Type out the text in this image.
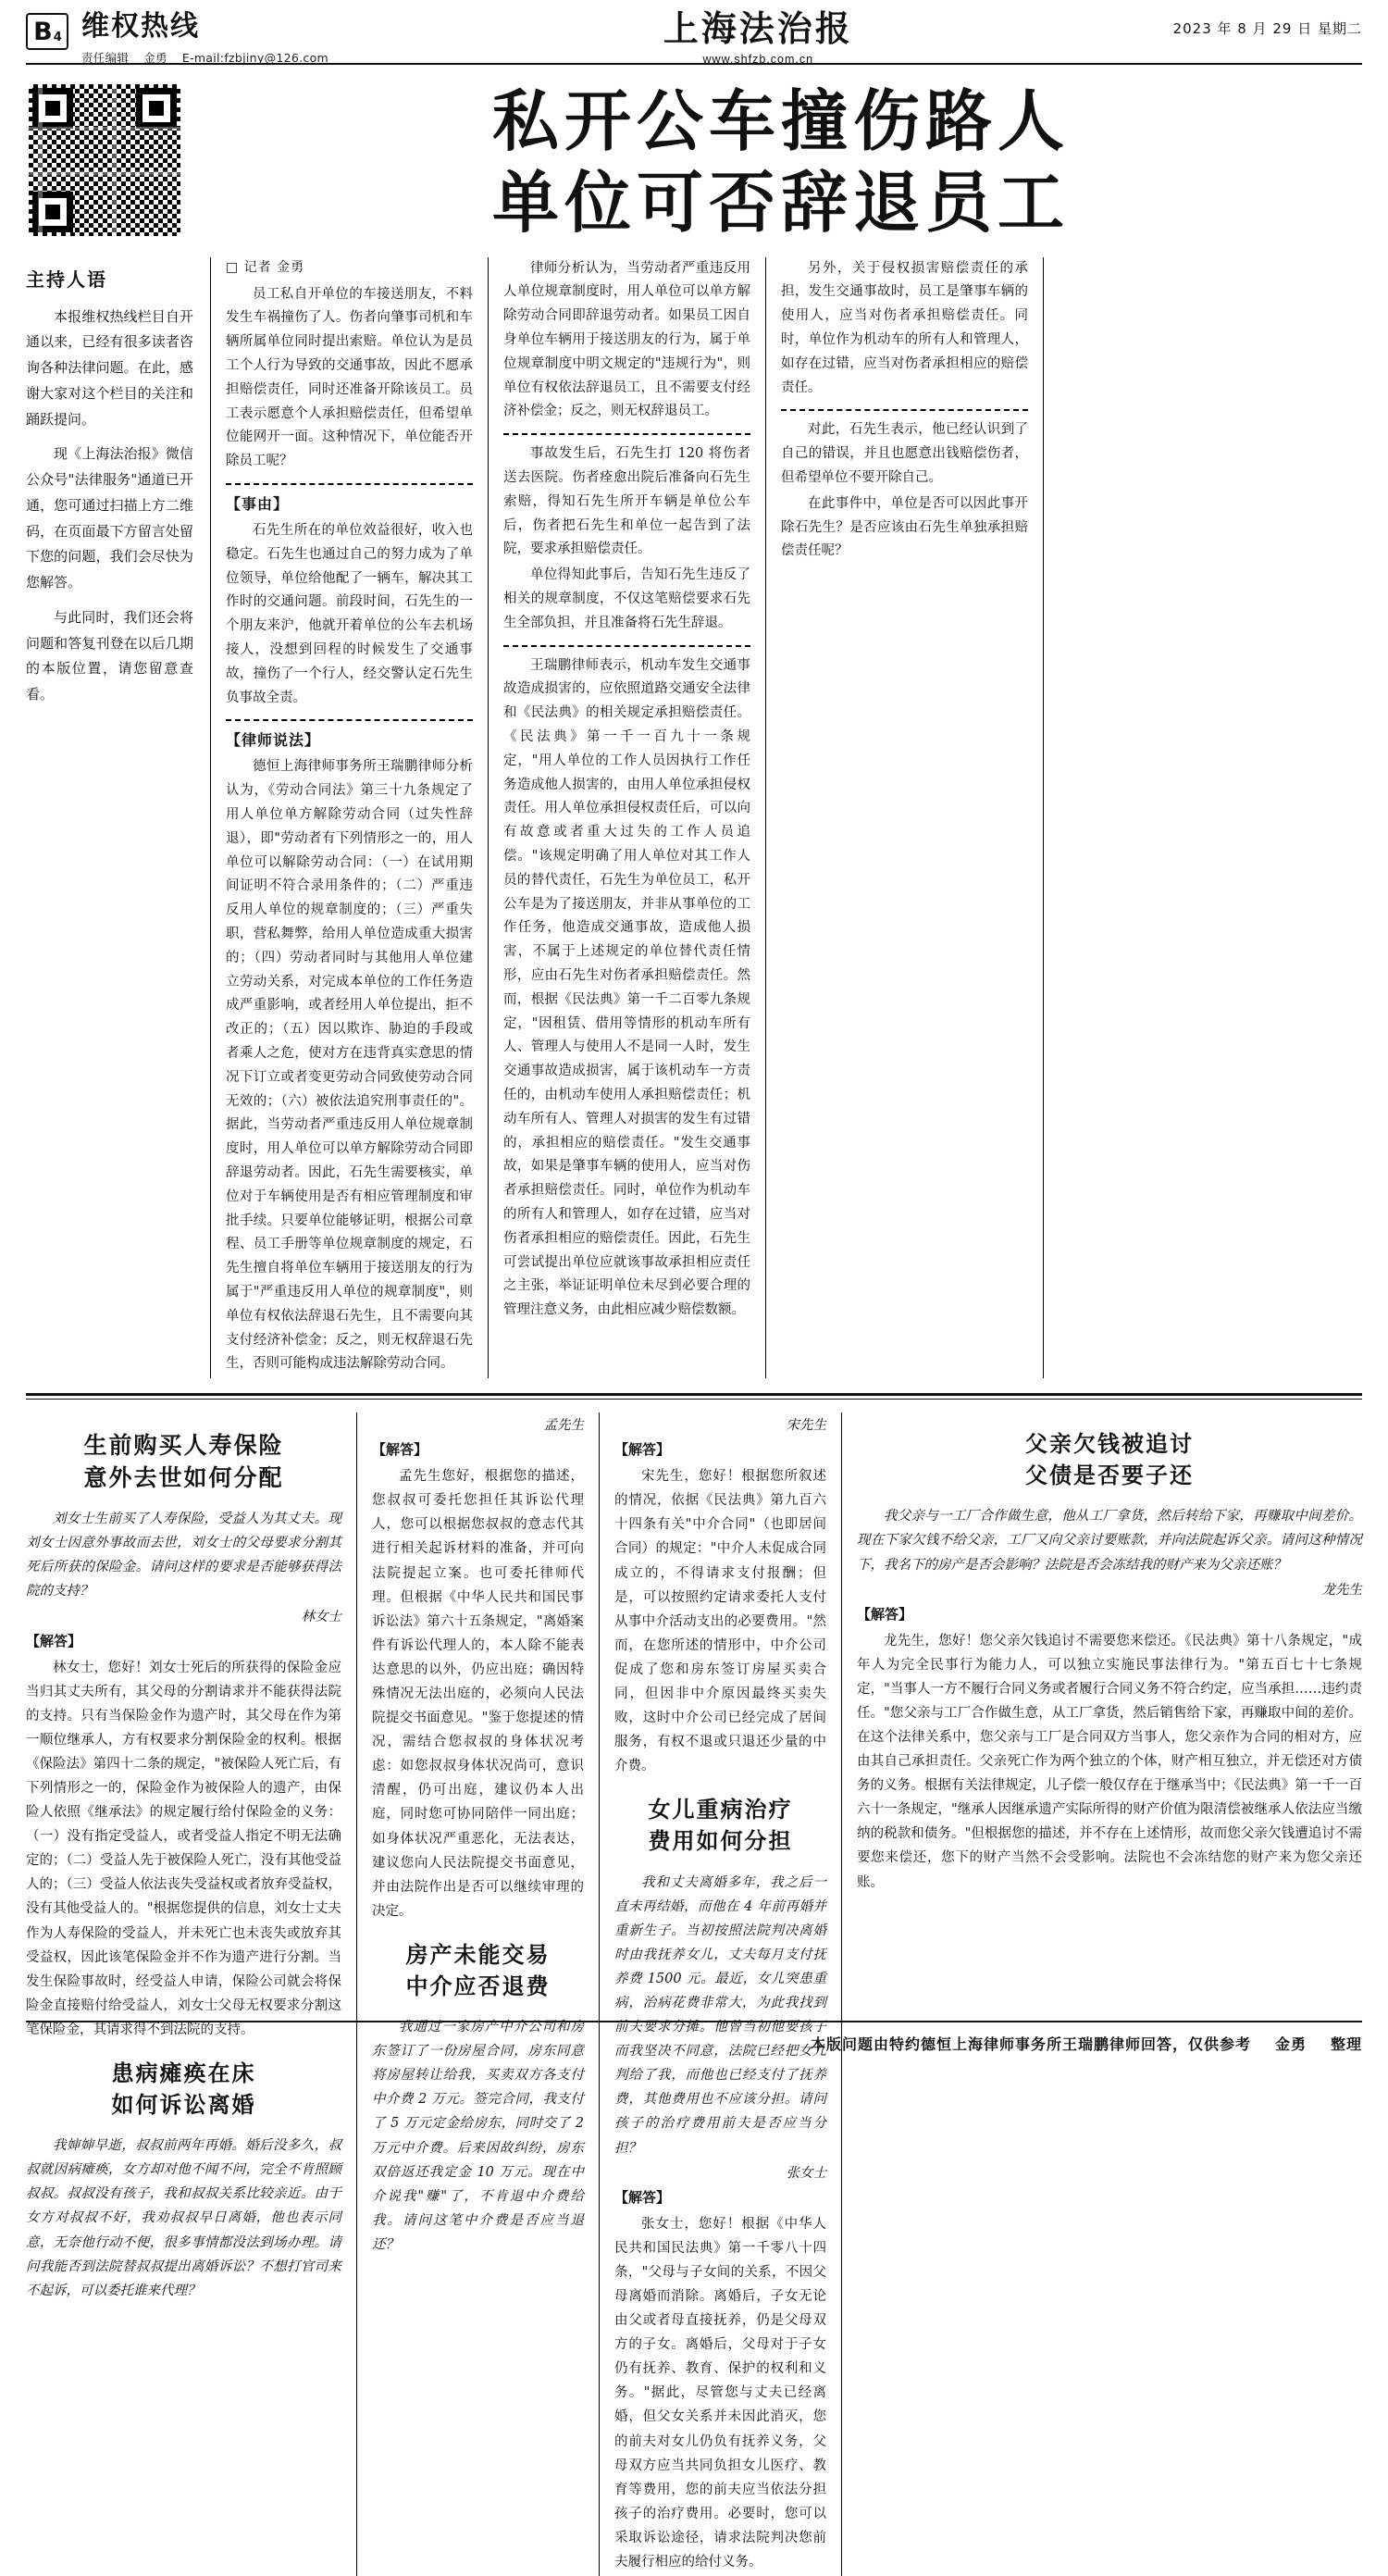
B 4 维权热线
责任编辑 金勇 E-mail:fzbjiny@126.com
上海法治报
www.shfzb.com.cn
2023 年 8 月 29 日 星期二
私开公车撞伤路人
单位可否辞退员工
主持人语

本报维权热线栏目自开通以来，已经有很多读者咨询各种法律问题。在此，感谢大家对这个栏目的关注和踊跃提问。

现《上海法治报》微信公众号"法律服务"通道已开通，您可通过扫描上方二维码，在页面最下方留言处留下您的问题，我们会尽快为您解答。

与此同时，我们还会将问题和答复刊登在以后几期的本版位置，请您留意查看。

□ 记者 金勇

员工私自开单位的车接送朋友，不料发生车祸撞伤了人。伤者向肇事司机和车辆所属单位同时提出索赔。单位认为是员工个人行为导致的交通事故，因此不愿承担赔偿责任，同时还准备开除该员工。员工表示愿意个人承担赔偿责任，但希望单位能网开一面。这种情况下，单位能否开除员工呢？

【事由】

石先生所在的单位效益很好，收入也稳定。石先生也通过自己的努力成为了单位领导，单位给他配了一辆车，解决其工作时的交通问题。前段时间，石先生的一个朋友来沪，他就开着单位的公车去机场接人，没想到回程的时候发生了交通事故，撞伤了一个行人，经交警认定石先生负事故全责。

【律师说法】

德恒上海律师事务所王瑞鹏律师分析认为，《劳动合同法》第三十九条规定了用人单位单方解除劳动合同（过失性辞退），即"劳动者有下列情形之一的，用人单位可以解除劳动合同：（一）在试用期间证明不符合录用条件的；（二）严重违反用人单位的规章制度的；（三）严重失职，营私舞弊，给用人单位造成重大损害的；（四）劳动者同时与其他用人单位建立劳动关系，对完成本单位的工作任务造成严重影响，或者经用人单位提出，拒不改正的；（五）因以欺诈、胁迫的手段或者乘人之危，使对方在违背真实意思的情况下订立或者变更劳动合同致使劳动合同无效的；（六）被依法追究刑事责任的"。据此，当劳动者严重违反用人单位规章制度时，用人单位可以单方解除劳动合同即辞退劳动者。因此，石先生需要核实，单位对于车辆使用是否有相应管理制度和审批手续。只要单位能够证明，根据公司章程、员工手册等单位规章制度的规定，石先生擅自将单位车辆用于接送朋友的行为属于"严重违反用人单位的规章制度"，则单位有权依法辞退石先生，且不需要向其支付经济补偿金；反之，则无权辞退石先生，否则可能构成违法解除劳动合同。

律师分析认为，当劳动者严重违反用人单位规章制度时，用人单位可以单方解除劳动合同即辞退劳动者。如果员工因自身单位车辆用于接送朋友的行为，属于单位规章制度中明文规定的"违规行为"，则单位有权依法辞退员工，且不需要支付经济补偿金；反之，则无权辞退员工。

事故发生后，石先生打 120 将伤者送去医院。伤者痊愈出院后准备向石先生索赔，得知石先生所开车辆是单位公车后，伤者把石先生和单位一起告到了法院，要求承担赔偿责任。

单位得知此事后，告知石先生违反了相关的规章制度，不仅这笔赔偿要求石先生全部负担，并且准备将石先生辞退。

王瑞鹏律师表示，机动车发生交通事故造成损害的，应依照道路交通安全法律和《民法典》的相关规定承担赔偿责任。《民法典》第一千一百九十一条规定，"用人单位的工作人员因执行工作任务造成他人损害的，由用人单位承担侵权责任。用人单位承担侵权责任后，可以向有故意或者重大过失的工作人员追偿。"该规定明确了用人单位对其工作人员的替代责任，石先生为单位员工，私开公车是为了接送朋友，并非从事单位的工作任务，他造成交通事故，造成他人损害，不属于上述规定的单位替代责任情形，应由石先生对伤者承担赔偿责任。然而，根据《民法典》第一千二百零九条规定，"因租赁、借用等情形的机动车所有人、管理人与使用人不是同一人时，发生交通事故造成损害，属于该机动车一方责任的，由机动车使用人承担赔偿责任；机动车所有人、管理人对损害的发生有过错的，承担相应的赔偿责任。"发生交通事故，如果是肇事车辆的使用人，应当对伤者承担赔偿责任。同时，单位作为机动车的所有人和管理人，如存在过错，应当对伤者承担相应的赔偿责任。因此，石先生可尝试提出单位应就该事故承担相应责任之主张，举证证明单位未尽到必要合理的管理注意义务，由此相应减少赔偿数额。

另外，关于侵权损害赔偿责任的承担，发生交通事故时，员工是肇事车辆的使用人，应当对伤者承担赔偿责任。同时，单位作为机动车的所有人和管理人，如存在过错，应当对伤者承担相应的赔偿责任。

对此，石先生表示，他已经认识到了自己的错误，并且也愿意出钱赔偿伤者，但希望单位不要开除自己。

在此事件中，单位是否可以因此事开除石先生？是否应该由石先生单独承担赔偿责任呢？

生前购买人寿保险
意外去世如何分配

刘女士生前买了人寿保险，受益人为其丈夫。现刘女士因意外事故而去世，刘女士的父母要求分割其死后所获的保险金。请问这样的要求是否能够获得法院的支持？

林女士
【解答】

林女士，您好！刘女士死后的所获得的保险金应当归其丈夫所有，其父母的分割请求并不能获得法院的支持。只有当保险金作为遗产时，其父母在作为第一顺位继承人，方有权要求分割保险金的权利。根据《保险法》第四十二条的规定，"被保险人死亡后，有下列情形之一的，保险金作为被保险人的遗产，由保险人依照《继承法》的规定履行给付保险金的义务：（一）没有指定受益人，或者受益人指定不明无法确定的；（二）受益人先于被保险人死亡，没有其他受益人的；（三）受益人依法丧失受益权或者放弃受益权，没有其他受益人的。"根据您提供的信息，刘女士丈夫作为人寿保险的受益人，并未死亡也未丧失或放弃其受益权，因此该笔保险金并不作为遗产进行分割。当发生保险事故时，经受益人申请，保险公司就会将保险金直接赔付给受益人，刘女士父母无权要求分割这笔保险金，其请求得不到法院的支持。

患病瘫痪在床
如何诉讼离婚

我婶婶早逝，叔叔前两年再婚。婚后没多久，叔叔就因病瘫痪，女方却对他不闻不问，完全不肯照顾叔叔。叔叔没有孩子，我和叔叔关系比较亲近。由于女方对叔叔不好，我劝叔叔早日离婚，他也表示同意，无奈他行动不便，很多事情都没法到场办理。请问我能否到法院替叔叔提出离婚诉讼？不想打官司来不起诉，可以委托谁来代理？

孟先生
【解答】

孟先生您好，根据您的描述，您叔叔可委托您担任其诉讼代理人，您可以根据您叔叔的意志代其进行相关起诉材料的准备，并可向法院提起立案。也可委托律师代理。但根据《中华人民共和国民事诉讼法》第六十五条规定，"离婚案件有诉讼代理人的，本人除不能表达意思的以外，仍应出庭；确因特殊情况无法出庭的，必须向人民法院提交书面意见。"鉴于您提述的情况，需结合您叔叔的身体状况考虑：如您叔叔身体状况尚可，意识清醒，仍可出庭，建议仍本人出庭，同时您可协同陪伴一同出庭；如身体状况严重恶化，无法表达，建议您向人民法院提交书面意见，并由法院作出是否可以继续审理的决定。

房产未能交易
中介应否退费

我通过一家房产中介公司和房东签订了一份房屋合同，房东同意将房屋转让给我，买卖双方各支付中介费 2 万元。签完合同，我支付了 5 万元定金给房东，同时交了 2 万元中介费。后来因故纠纷，房东双倍返还我定金 10 万元。现在中介说我"赚"了，不肯退中介费给我。请问这笔中介费是否应当退还？

宋先生
【解答】

宋先生，您好！根据您所叙述的情况，依据《民法典》第九百六十四条有关"中介合同"（也即居间合同）的规定："中介人未促成合同成立的，不得请求支付报酬；但是，可以按照约定请求委托人支付从事中介活动支出的必要费用。"然而，在您所述的情形中，中介公司促成了您和房东签订房屋买卖合同，但因非中介原因最终买卖失败，这时中介公司已经完成了居间服务，有权不退或只退还少量的中介费。

女儿重病治疗
费用如何分担

我和丈夫离婚多年，我之后一直未再结婚，而他在 4 年前再婚并重新生子。当初按照法院判决离婚时由我抚养女儿，丈夫每月支付抚养费 1500 元。最近，女儿突患重病，治病花费非常大，为此我找到前夫要求分摊。他曾当初他要孩子而我坚决不同意，法院已经把女儿判给了我，而他也已经支付了抚养费，其他费用也不应该分担。请问孩子的治疗费用前夫是否应当分担？

张女士
【解答】

张女士，您好！根据《中华人民共和国民法典》第一千零八十四条，"父母与子女间的关系，不因父母离婚而消除。离婚后，子女无论由父或者母直接抚养，仍是父母双方的子女。离婚后，父母对于子女仍有抚养、教育、保护的权利和义务。"据此，尽管您与丈夫已经离婚，但父女关系并未因此消灭，您的前夫对女儿仍负有抚养义务，父母双方应当共同负担女儿医疗、教育等费用，您的前夫应当依法分担孩子的治疗费用。必要时，您可以采取诉讼途径，请求法院判决您前夫履行相应的给付义务。

父亲欠钱被追讨
父债是否要子还

我父亲与一工厂合作做生意，他从工厂拿货，然后转给下家，再赚取中间差价。现在下家欠钱不给父亲，工厂又向父亲讨要账款，并向法院起诉父亲。请问这种情况下，我名下的房产是否会影响？法院是否会冻结我的财产来为父亲还账？

龙先生
【解答】

龙先生，您好！您父亲欠钱追讨不需要您来偿还。《民法典》第十八条规定，"成年人为完全民事行为能力人，可以独立实施民事法律行为。"第五百七十七条规定，"当事人一方不履行合同义务或者履行合同义务不符合约定，应当承担……违约责任。"您父亲与工厂合作做生意，从工厂拿货，然后销售给下家，再赚取中间的差价。在这个法律关系中，您父亲与工厂是合同双方当事人，您父亲作为合同的相对方，应由其自己承担责任。父亲死亡作为两个独立的个体，财产相互独立，并无偿还对方债务的义务。根据有关法律规定，儿子偿一般仅存在于继承当中；《民法典》第一千一百六十一条规定，"继承人因继承遗产实际所得的财产价值为限清偿被继承人依法应当缴纳的税款和债务。"但根据您的描述，并不存在上述情形，故而您父亲欠钱遭追讨不需要您来偿还，您下的财产当然不会受影响。法院也不会冻结您的财产来为您父亲还账。

本版问题由特约德恒上海律师事务所王瑞鹏律师回答，仅供参考 金勇 整理
